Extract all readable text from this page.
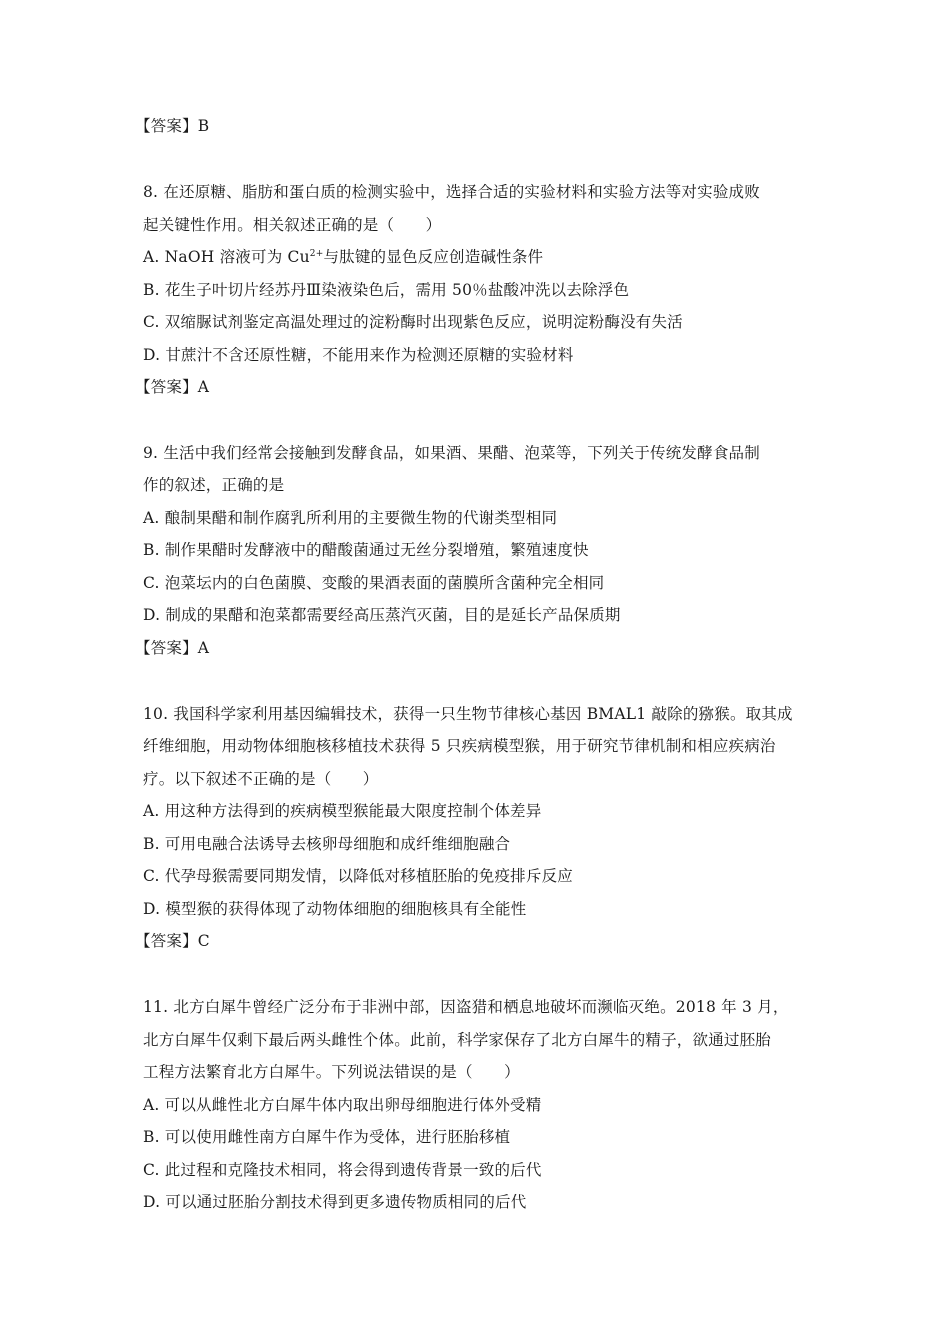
【答案】B
8. 在还原糖、脂肪和蛋白质的检测实验中，选择合适的实验材料和实验方法等对实验成败
起关键性作用。相关叙述正确的是（　　）
A. NaOH 溶液可为 $Cu^{2+}$与肽键的显色反应创造碱性条件
B. 花生子叶切片经苏丹Ⅲ染液染色后，需用 50％盐酸冲洗以去除浮色
C. 双缩脲试剂鉴定高温处理过的淀粉酶时出现紫色反应，说明淀粉酶没有失活
D. 甘蔗汁不含还原性糖，不能用来作为检测还原糖的实验材料
【答案】A
9. 生活中我们经常会接触到发酵食品，如果酒、果醋、泡菜等，下列关于传统发酵食品制
作的叙述，正确的是
A. 酿制果醋和制作腐乳所利用的主要微生物的代谢类型相同
B. 制作果醋时发酵液中的醋酸菌通过无丝分裂增殖，繁殖速度快
C. 泡菜坛内的白色菌膜、变酸的果酒表面的菌膜所含菌种完全相同
D. 制成的果醋和泡菜都需要经高压蒸汽灭菌，目的是延长产品保质期
【答案】A
10. 我国科学家利用基因编辑技术，获得一只生物节律核心基因 BMAL1 敲除的猕猴。取其成
纤维细胞，用动物体细胞核移植技术获得 5 只疾病模型猴，用于研究节律机制和相应疾病治
疗。以下叙述不正确的是（　　）
A. 用这种方法得到的疾病模型猴能最大限度控制个体差异
B. 可用电融合法诱导去核卵母细胞和成纤维细胞融合
C. 代孕母猴需要同期发情，以降低对移植胚胎的免疫排斥反应
D. 模型猴的获得体现了动物体细胞的细胞核具有全能性
【答案】C
11. 北方白犀牛曾经广泛分布于非洲中部，因盗猎和栖息地破坏而濒临灭绝。2018 年 3 月，
北方白犀牛仅剩下最后两头雌性个体。此前，科学家保存了北方白犀牛的精子，欲通过胚胎
工程方法繁育北方白犀牛。下列说法错误的是（　　）
A. 可以从雌性北方白犀牛体内取出卵母细胞进行体外受精
B. 可以使用雌性南方白犀牛作为受体，进行胚胎移植
C. 此过程和克隆技术相同，将会得到遗传背景一致的后代
D. 可以通过胚胎分割技术得到更多遗传物质相同的后代
